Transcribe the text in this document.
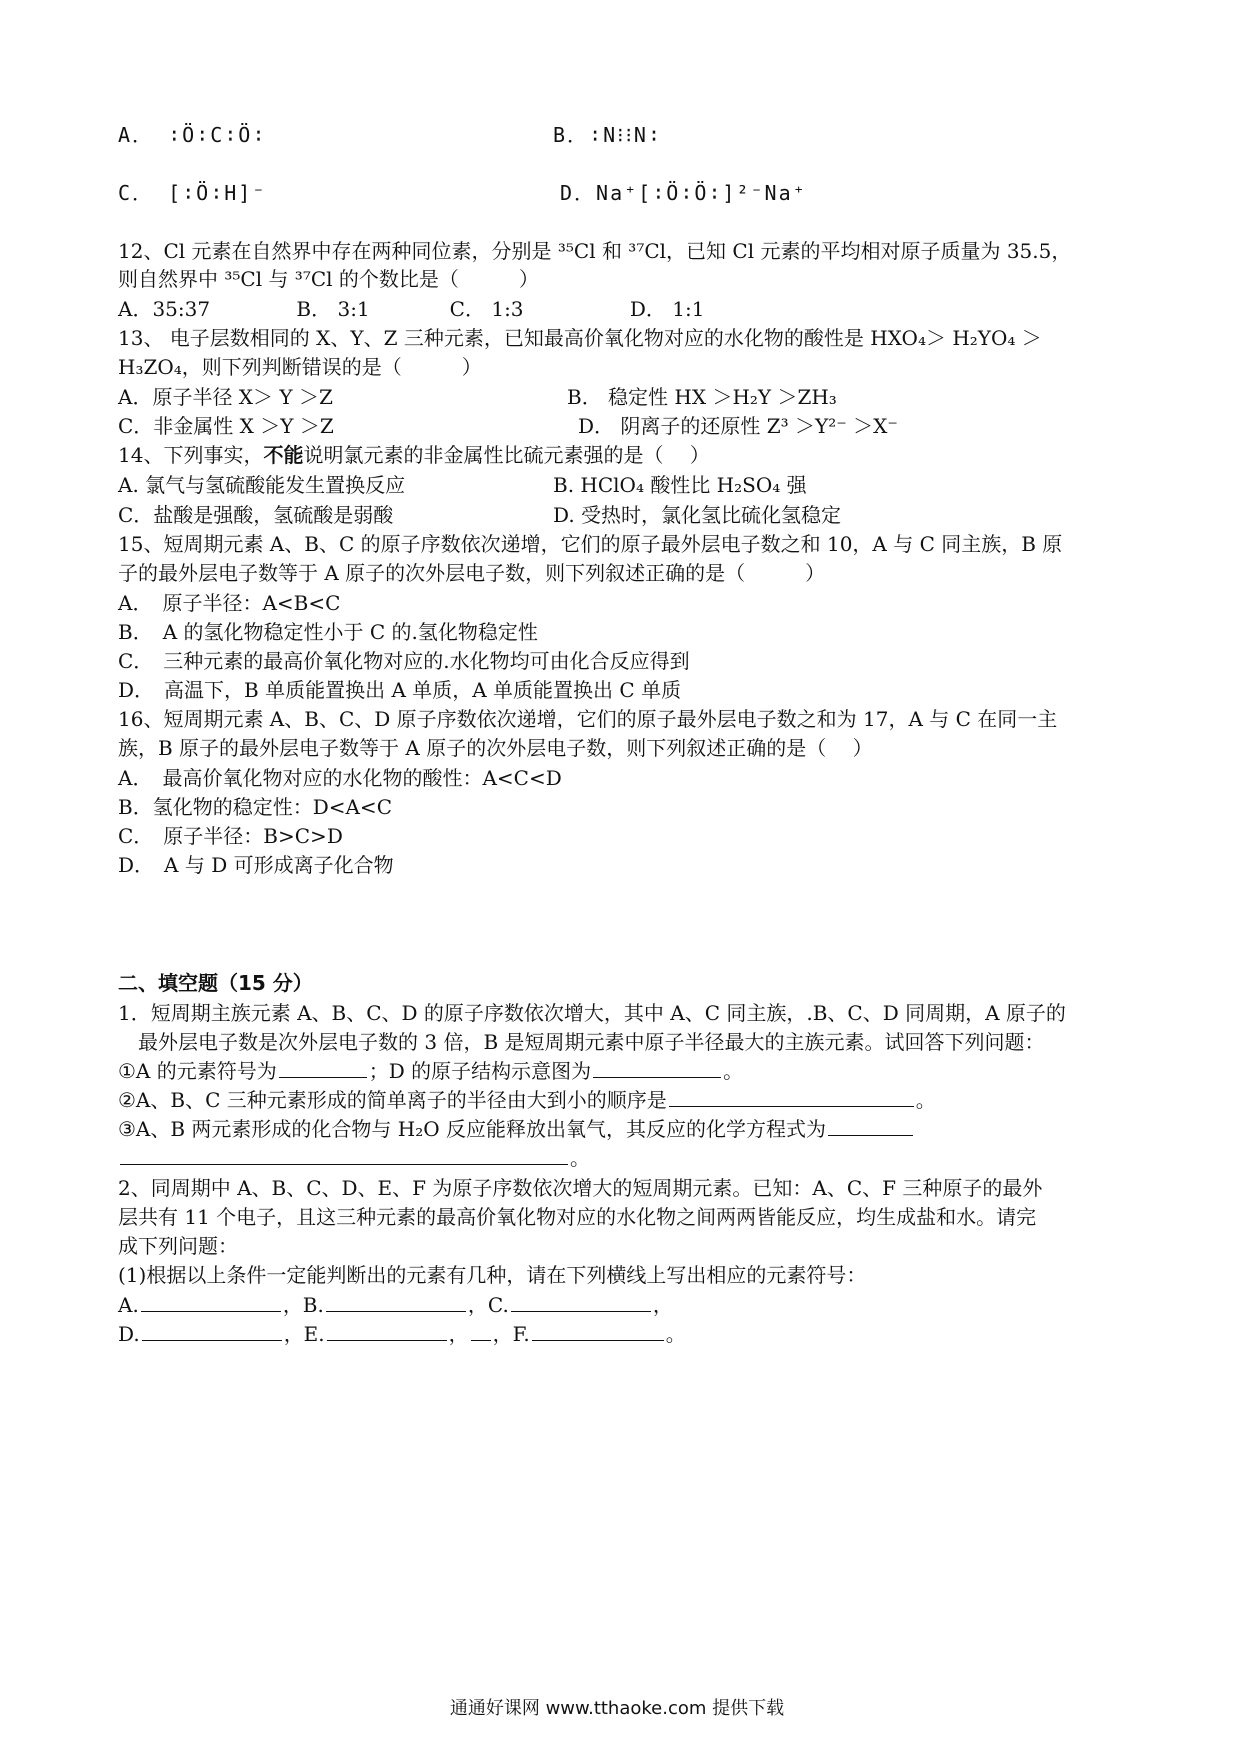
A． ∶Ö∶C∶Ö∶	B．∶N⁝⁝N∶
C． [∶Ö∶H]⁻	D．Na⁺[∶Ö∶Ö∶]²⁻Na⁺
12、Cl 元素在自然界中存在两种同位素，分别是 ³⁵Cl 和 ³⁷Cl，已知 Cl 元素的平均相对原子质量为 35.5，
则自然界中 ³⁵Cl 与 ³⁷Cl 的个数比是（　　　）
A．35:37　　　　 B． 3:1　　　　C． 1:3　　　　　 D． 1:1
13、 电子层数相同的 X、Y、Z 三种元素，已知最高价氧化物对应的水化物的酸性是 HXO₄＞ H₂YO₄ ＞
H₃ZO₄，则下列判断错误的是（　　　）
A．原子半径 X＞ Y ＞Z	B． 稳定性 HX ＞H₂Y ＞ZH₃
C．非金属性 X ＞Y ＞Z	D． 阴离子的还原性 Z³ ＞Y²⁻ ＞X⁻
14、下列事实，不能说明氯元素的非金属性比硫元素强的是（　 ）
A. 氯气与氢硫酸能发生置换反应	B. HClO₄ 酸性比 H₂SO₄ 强
C．盐酸是强酸，氢硫酸是弱酸	D. 受热时，氯化氢比硫化氢稳定
15、短周期元素 A、B、C 的原子序数依次递增，它们的原子最外层电子数之和 10，A 与 C 同主族，B 原
子的最外层电子数等于 A 原子的次外层电子数，则下列叙述正确的是（　　　）
A．　原子半径：A<B<C
B．　A 的氢化物稳定性小于 C 的.氢化物稳定性
C．　三种元素的最高价氧化物对应的.水化物均可由化合反应得到
D．　高温下，B 单质能置换出 A 单质，A 单质能置换出 C 单质
16、短周期元素 A、B、C、D 原子序数依次递增，它们的原子最外层电子数之和为 17，A 与 C 在同一主
族，B 原子的最外层电子数等于 A 原子的次外层电子数，则下列叙述正确的是（　 ）
A．　最高价氧化物对应的水化物的酸性：A<C<D
B．氢化物的稳定性：D<A<C
C．　原子半径：B>C>D
D．　A 与 D 可形成离子化合物
二、填空题（15 分）
1．短周期主族元素 A、B、C、D 的原子序数依次增大，其中 A、C 同主族，.B、C、D 同周期，A 原子的
最外层电子数是次外层电子数的 3 倍，B 是短周期元素中原子半径最大的主族元素。试回答下列问题：
①A 的元素符号为	；D 的原子结构示意图为	。
②A、B、C 三种元素形成的简单离子的半径由大到小的顺序是	。
③A、B 两元素形成的化合物与 H₂O 反应能释放出氧气，其反应的化学方程式为
。
2、同周期中 A、B、C、D、E、F 为原子序数依次增大的短周期元素。已知：A、C、F 三种原子的最外
层共有 11 个电子，且这三种元素的最高价氧化物对应的水化物之间两两皆能反应，均生成盐和水。请完
成下列问题：
(1)根据以上条件一定能判断出的元素有几种，请在下列横线上写出相应的元素符号：
A.	，B.	，C.	，
D.	，E.	， ，F.	。
通通好课网 www.tthaoke.com 提供下载
